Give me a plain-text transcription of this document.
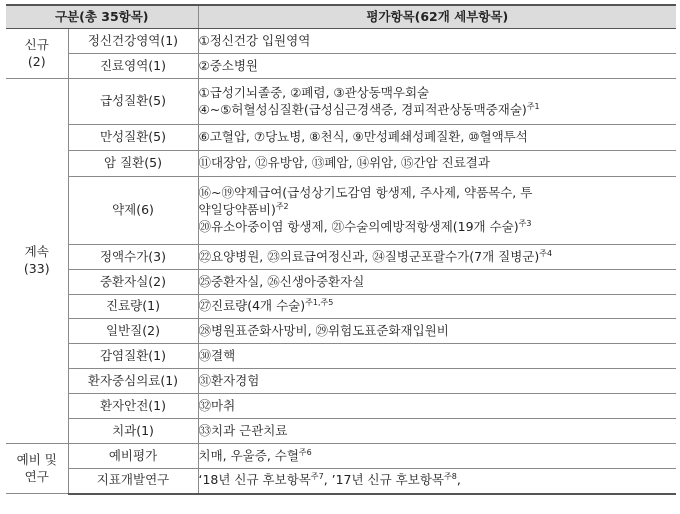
구분(총 35항목)		평가항목(62개 세부항목)

신규
(2)	정신건강영역(1)	①정신건강 입원영역
	진료영역(1)	②중소병원

계속
(33)	급성질환(5)	①급성기뇌졸중, ②폐렴, ③관상동맥우회술
④~⑤허혈성심질환(급성심근경색증, 경피적관상동맥중재술)$^{주1}$

	만성질환(5)	⑥고혈압, ⑦당뇨병, ⑧천식, ⑨만성폐쇄성폐질환, ⑩혈액투석
	암 질환(5)	⑪대장암, ⑫유방암, ⑬폐암, ⑭위암, ⑮간암 진료결과
	약제(6)	⑯~⑲약제급여(급성상기도감염 항생제, 주사제, 약품목수, 투
약일당약품비)$^{주2}$
⑳유소아중이염 항생제, ㉑수술의예방적항생제(19개 수술)$^{주3}$

	정액수가(3)	㉒요양병원, ㉓의료급여정신과, ㉔질병군포괄수가(7개 질병군)$^{주4}$
	중환자실(2)	㉕중환자실, ㉖신생아중환자실
	진료량(1)	㉗진료량(4개 수술)$^{주1,주5}$
	일반질(2)	㉘병원표준화사망비, ㉙위험도표준화재입원비
	감염질환(1)	㉚결핵
	환자중심의료(1)	㉛환자경험
	환자안전(1)	㉜마취
	치과(1)	㉝치과 근관치료

예비 및
연구	예비평가	치매, 우울증, 수혈$^{주6}$
	지표개발연구	‘18년 신규 후보항목$^{주7}$, ’17년 신규 후보항목$^{주8}$,
